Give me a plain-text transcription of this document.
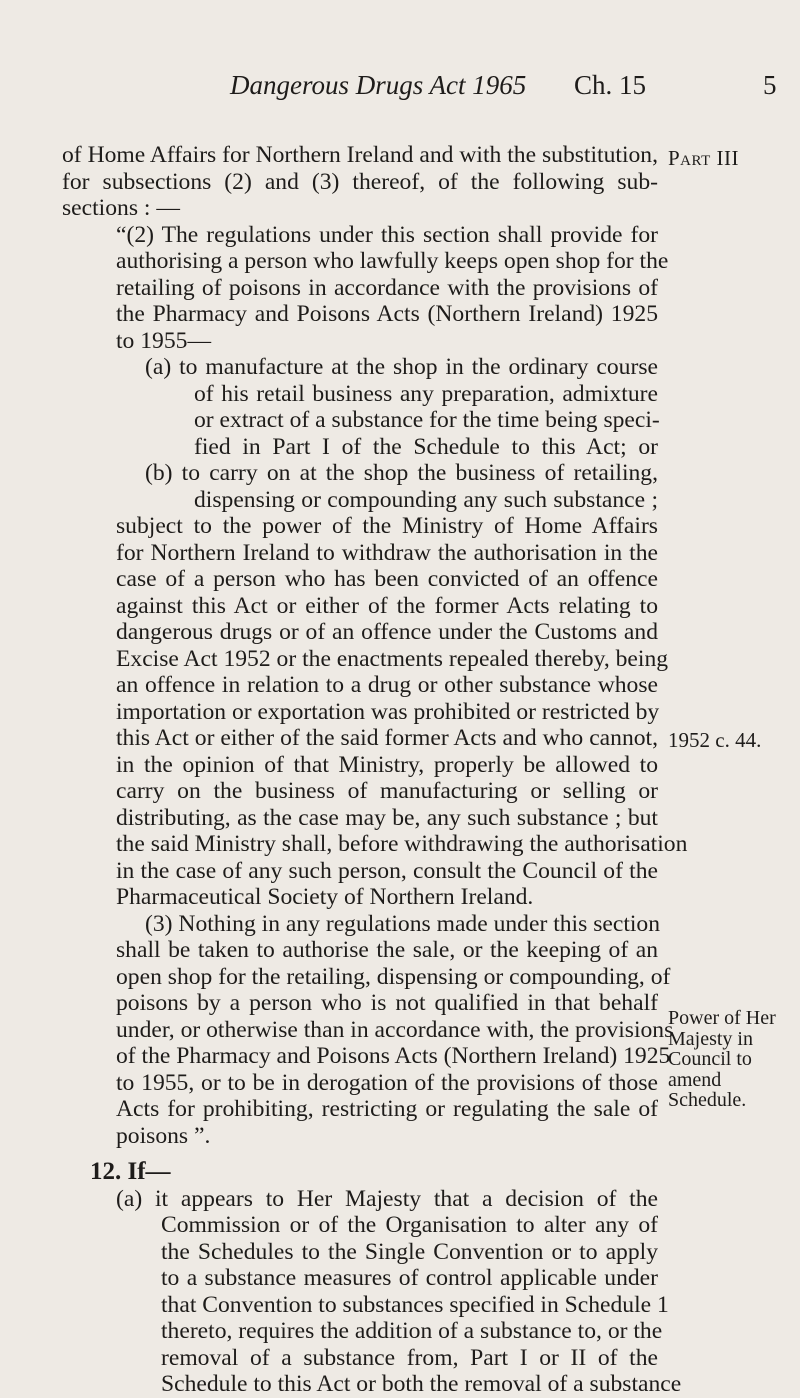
Dangerous Drugs Act 1965 Ch. 15	5
Part III
1952 c. 44.
Power of Her
Majesty in
Council to
amend
Schedule.
of Home Affairs for Northern Ireland and with the substitution,
for subsections (2) and (3) thereof, of the following sub-
sections : —
“(2) The regulations under this section shall provide for
authorising a person who lawfully keeps open shop for the
retailing of poisons in accordance with the provisions of
the Pharmacy and Poisons Acts (Northern Ireland) 1925
to 1955—
(a) to manufacture at the shop in the ordinary course
of his retail business any preparation, admixture
or extract of a substance for the time being speci-
fied in Part I of the Schedule to this Act; or
(b) to carry on at the shop the business of retailing,
dispensing or compounding any such substance ;
subject to the power of the Ministry of Home Affairs
for Northern Ireland to withdraw the authorisation in the
case of a person who has been convicted of an offence
against this Act or either of the former Acts relating to
dangerous drugs or of an offence under the Customs and
Excise Act 1952 or the enactments repealed thereby, being
an offence in relation to a drug or other substance whose
importation or exportation was prohibited or restricted by
this Act or either of the said former Acts and who cannot,
in the opinion of that Ministry, properly be allowed to
carry on the business of manufacturing or selling or
distributing, as the case may be, any such substance ; but
the said Ministry shall, before withdrawing the authorisation
in the case of any such person, consult the Council of the
Pharmaceutical Society of Northern Ireland.
(3) Nothing in any regulations made under this section
shall be taken to authorise the sale, or the keeping of an
open shop for the retailing, dispensing or compounding, of
poisons by a person who is not qualified in that behalf
under, or otherwise than in accordance with, the provisions
of the Pharmacy and Poisons Acts (Northern Ireland) 1925
to 1955, or to be in derogation of the provisions of those
Acts for prohibiting, restricting or regulating the sale of
poisons ”.
12. If—
(a) it appears to Her Majesty that a decision of the
Commission or of the Organisation to alter any of
the Schedules to the Single Convention or to apply
to a substance measures of control applicable under
that Convention to substances specified in Schedule 1
thereto, requires the addition of a substance to, or the
removal of a substance from, Part I or II of the
Schedule to this Act or both the removal of a substance
